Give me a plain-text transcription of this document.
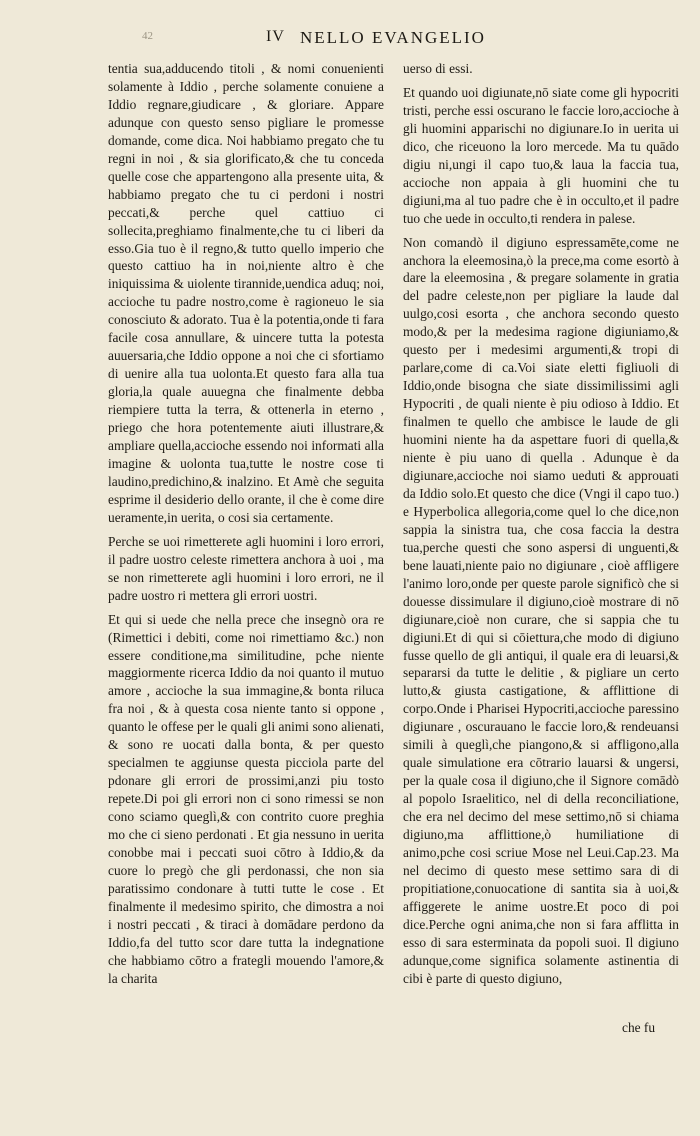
42	IV NELLO EVANGELIO

tentia sua,adducendo titoli , & nomi conuenienti solamente à Iddio , perche solamente conuiene a Iddio regnare,giudicare , & gloriare. Appare adunque con questo senso pigliare le promesse domande, come dica. Noi habbiamo pregato che tu regni in noi , & sia glorificato,& che tu conceda quelle cose che appartengono alla presente uita, & habbiamo pregato che tu ci perdoni i nostri peccati,& perche quel cattiuo ci sollecita,preghiamo finalmente,che tu ci liberi da esso.Gia tuo è il regno,& tutto quello imperio che questo cattiuo ha in noi,niente altro è che iniquissima & uiolente tirannide,uendica aduq; noi, accioche tu padre nostro,come è ragioneuo le sia conosciuto & adorato. Tua è la potentia,onde ti fara facile cosa annullare, & uincere tutta la potesta auuersaria,che Iddio oppone a noi che ci sfortiamo di uenire alla tua uolonta.Et questo fara alla tua gloria,la quale auuegna che finalmente debba riempiere tutta la terra, & ottenerla in eterno , priego che hora potentemente aiuti illustrare,& ampliare quella,accioche essendo noi informati alla imagine & uolonta tua,tutte le nostre cose ti laudino,predichino,& inalzino. Et Amè che seguita esprime il desiderio dello orante, il che è come dire ueramente,in uerita, o cosi sia certamente.

Perche se uoi rimetterete agli huomini i loro errori, il padre uostro celeste rimettera anchora à uoi , ma se non rimetterete agli huomini i loro errori, ne il padre uostro ri mettera gli errori uostri.

Et qui si uede che nella prece che insegnò ora re (Rimettici i debiti, come noi rimettiamo &c.) non essere conditione,ma similitudine, pche niente maggiormente ricerca Iddio da noi quanto il mutuo amore , accioche la sua immagine,& bonta riluca fra noi , & à questa cosa niente tanto si oppone , quanto le offese per le quali gli animi sono alienati, & sono re uocati dalla bonta, & per questo specialmen te aggiunse questa picciola parte del pdonare gli errori de prossimi,anzi piu tosto repete.Di poi gli errori non ci sono rimessi se non cono sciamo queglì,& con contrito cuore preghia mo che ci sieno perdonati . Et gia nessuno in uerita conobbe mai i peccati suoi cōtro à Iddio,& da cuore lo pregò che gli perdonassi, che non sia paratissimo condonare à tutti tutte le cose . Et finalmente il medesimo spirito, che dimostra a noi i nostri peccati , & tiraci à domādare perdono da Iddio,fa del tutto scor dare tutta la indegnatione che habbiamo cōtro a frategli mouendo l'amore,& la charita

uerso di essi.

Et quando uoi digiunate,nō siate come gli hypocriti tristi, perche essi oscurano le faccie loro,accioche à gli huomini apparischi no digiunare.Io in uerita ui dico, che riceuono la loro mercede. Ma tu quādo digiu ni,ungi il capo tuo,& laua la faccia tua, accioche non appaia à gli huomini che tu digiuni,ma al tuo padre che è in occulto,et il padre tuo che uede in occulto,ti rendera in palese.

Non comandò il digiuno espressamēte,come ne anchora la eleemosina,ò la prece,ma come esortò à dare la eleemosina , & pregare solamente in gratia del padre celeste,non per pigliare la laude dal uulgo,cosi esorta , che anchora secondo questo modo,& per la medesima ragione digiuniamo,& questo per i medesimi argumenti,& tropi di parlare,come di ca.Voi siate eletti figliuoli di Iddio,onde bisogna che siate dissimilissimi agli Hypocriti , de quali niente è piu odioso à Iddio. Et finalmen te quello che ambisce le laude de gli huomini niente ha da aspettare fuori di quella,& niente è piu uano di quella . Adunque è da digiunare,accioche noi siamo ueduti & approuati da Iddio solo.Et questo che dice (Vngi il capo tuo.) e Hyperbolica allegoria,come quel lo che dice,non sappia la sinistra tua, che cosa faccia la destra tua,perche questi che sono aspersi di unguenti,& bene lauati,niente paio no digiunare , cioè affligere l'animo loro,onde per queste parole significò che si douesse dissimulare il digiuno,cioè mostrare di nō digiunare,cioè non curare, che si sappia che tu digiuni.Et di qui si cōiettura,che modo di digiuno fusse quello de gli antiqui, il quale era di leuarsi,& separarsi da tutte le delitie , & pigliare un certo lutto,& giusta castigatione, & afflittione di corpo.Onde i Pharisei Hypocriti,accioche paressino digiunare , oscurauano le faccie loro,& rendeuansi simili à queglì,che piangono,& si affligono,alla quale simulatione era cōtrario lauarsi & ungersi, per la quale cosa il digiuno,che il Signore comādò al popolo Israelitico, nel di della reconciliatione, che era nel decimo del mese settimo,nō si chiama digiuno,ma afflittione,ò humiliatione di animo,pche cosi scriue Mose nel Leui.Cap.23. Ma nel decimo di questo mese settimo sara di di propitiatione,conuocatione di santita sia à uoi,& affiggerete le anime uostre.Et poco di poi dice.Perche ogni anima,che non si fara afflitta in esso di sara esterminata da popoli suoi. Il digiuno adunque,come significa solamente astinentia di cibi è parte di questo digiuno,

che fu
